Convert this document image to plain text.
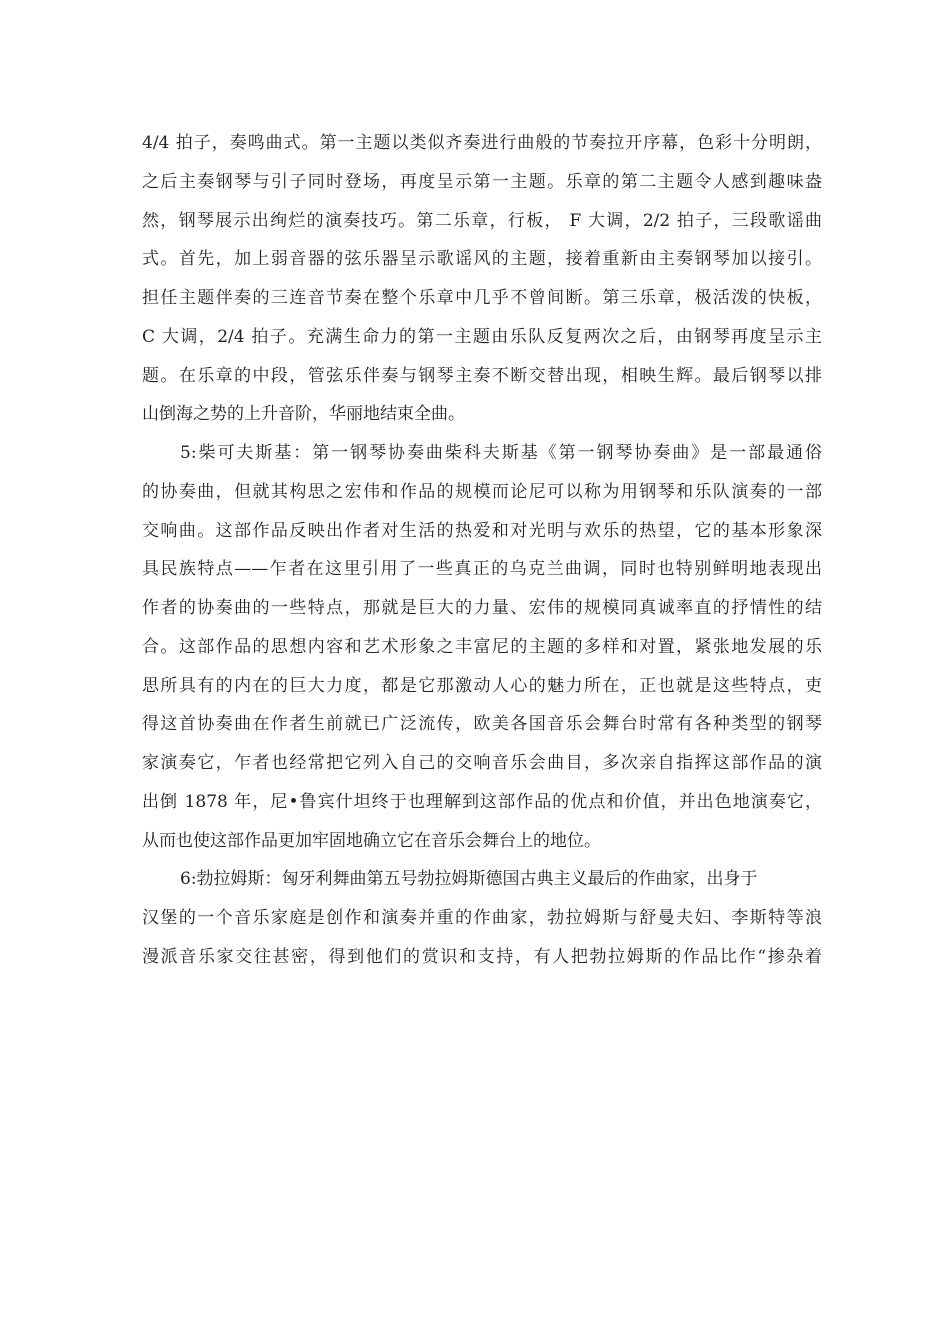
4/4 拍子，奏鸣曲式。第一主题以类似齐奏进行曲般的节奏拉开序幕，色彩十分明朗，
之后主奏钢琴与引子同时登场，再度呈示第一主题。乐章的第二主题令人感到趣味盎
然，钢琴展示出绚烂的演奏技巧。第二乐章，行板， F 大调，2/2 拍子，三段歌谣曲
式。首先，加上弱音器的弦乐器呈示歌谣风的主题，接着重新由主奏钢琴加以接引。
担任主题伴奏的三连音节奏在整个乐章中几乎不曾间断。第三乐章，极活泼的快板，
C 大调，2/4 拍子。充满生命力的第一主题由乐队反复两次之后，由钢琴再度呈示主
题。在乐章的中段，管弦乐伴奏与钢琴主奏不断交替出现，相映生辉。最后钢琴以排
山倒海之势的上升音阶，华丽地结束全曲。
5:柴可夫斯基：第一钢琴协奏曲柴科夫斯基《第一钢琴协奏曲》是一部最通俗
的协奏曲，但就其构思之宏伟和作品的规模而论尼可以称为用钢琴和乐队演奏的一部
交响曲。这部作品反映出作者对生活的热爱和对光明与欢乐的热望，它的基本形象深
具民族特点——乍者在这里引用了一些真正的乌克兰曲调，同时也特别鲜明地表现出
作者的协奏曲的一些特点，那就是巨大的力量、宏伟的规模同真诚率直的抒情性的结
合。这部作品的思想内容和艺术形象之丰富尼的主题的多样和对置，紧张地发展的乐
思所具有的内在的巨大力度，都是它那激动人心的魅力所在，正也就是这些特点，吏
得这首协奏曲在作者生前就已广泛流传，欧美各国音乐会舞台时常有各种类型的钢琴
家演奏它，乍者也经常把它列入自己的交响音乐会曲目，多次亲自指挥这部作品的演
出倒 1878 年，尼•鲁宾什坦终于也理解到这部作品的优点和价值，并出色地演奏它，
从而也使这部作品更加牢固地确立它在音乐会舞台上的地位。
6:勃拉姆斯：匈牙利舞曲第五号勃拉姆斯德国古典主义最后的作曲家，出身于
汉堡的一个音乐家庭是创作和演奏并重的作曲家，勃拉姆斯与舒曼夫妇、李斯特等浪
漫派音乐家交往甚密，得到他们的赏识和支持，有人把勃拉姆斯的作品比作“掺杂着
